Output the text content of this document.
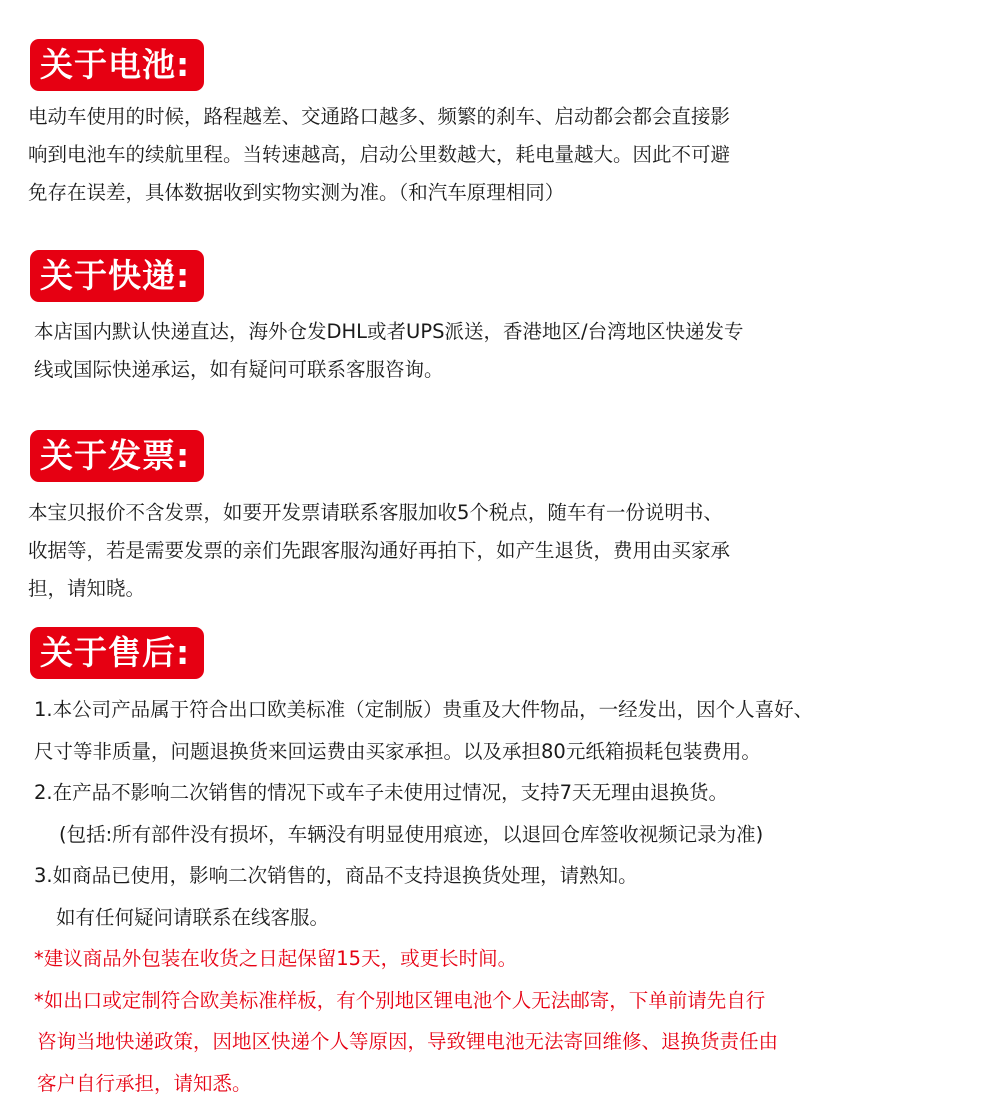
关于电池:
电动车使用的时候，路程越差、交通路口越多、频繁的刹车、启动都会都会直接影
响到电池车的续航里程。当转速越高，启动公里数越大，耗电量越大。因此不可避
免存在误差，具体数据收到实物实测为准。（和汽车原理相同）
关于快递:
本店国内默认快递直达，海外仓发DHL或者UPS派送，香港地区/台湾地区快递发专
线或国际快递承运，如有疑问可联系客服咨询。
关于发票:
本宝贝报价不含发票，如要开发票请联系客服加收5个税点，随车有一份说明书、
收据等，若是需要发票的亲们先跟客服沟通好再拍下，如产生退货，费用由买家承
担，请知晓。
关于售后:
1.本公司产品属于符合出口欧美标准（定制版）贵重及大件物品，一经发出，因个人喜好、
尺寸等非质量，问题退换货来回运费由买家承担。以及承担80元纸箱损耗包装费用。
2.在产品不影响二次销售的情况下或车子未使用过情况，支持7天无理由退换货。
(包括:所有部件没有损坏，车辆没有明显使用痕迹，以退回仓库签收视频记录为准)
3.如商品已使用，影响二次销售的，商品不支持退换货处理，请熟知。
如有任何疑问请联系在线客服。
*建议商品外包装在收货之日起保留15天，或更长时间。
*如出口或定制符合欧美标准样板，有个别地区锂电池个人无法邮寄，下单前请先自行
咨询当地快递政策，因地区快递个人等原因，导致锂电池无法寄回维修、退换货责任由
客户自行承担，请知悉。
